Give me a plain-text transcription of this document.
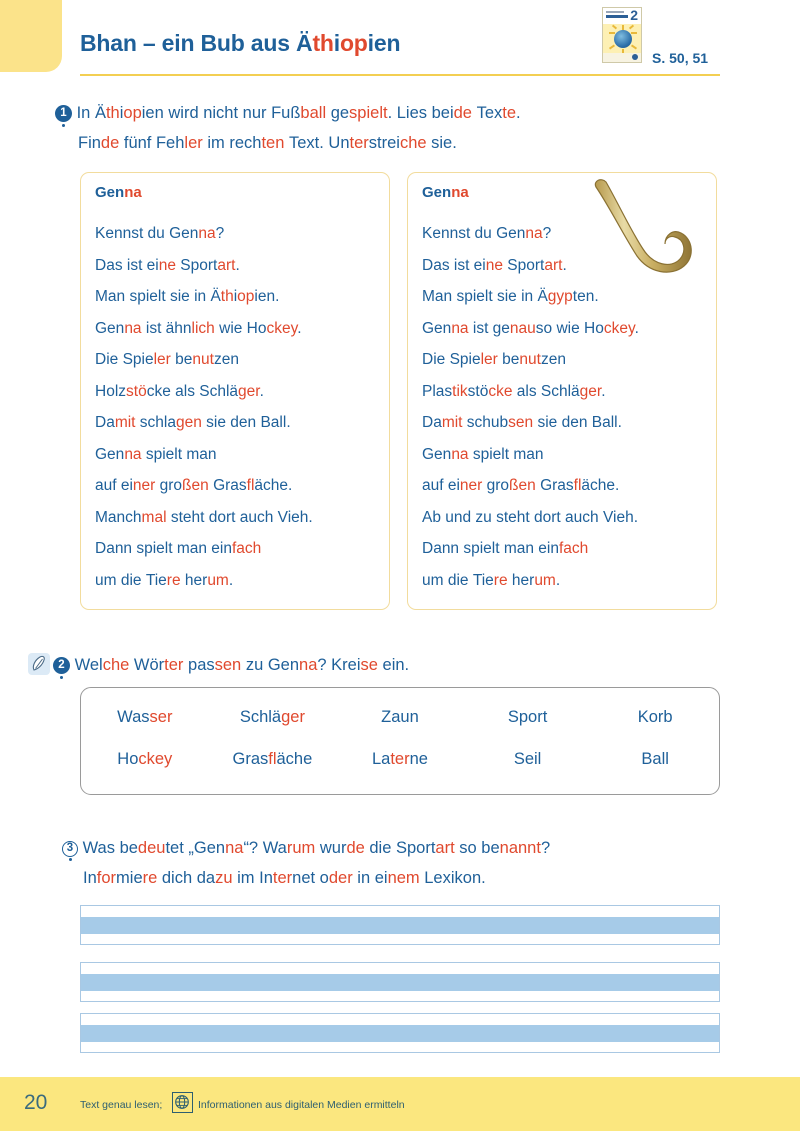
Bhan – ein Bub aus Äthiopien
2
S. 50, 51
1 In Äthiopien wird nicht nur Fußball gespielt. Lies beide Texte.
Finde fünf Fehler im rechten Text. Unterstreiche sie.
Genna
Kennst du Genna?
Das ist eine Sportart.
Man spielt sie in Äthiopien.
Genna ist ähnlich wie Hockey.
Die Spieler benutzen
Holzstöcke als Schläger.
Damit schlagen sie den Ball.
Genna spielt man
auf einer großen Grasfläche.
Manchmal steht dort auch Vieh.
Dann spielt man einfach
um die Tiere herum.
Genna
Kennst du Genna?
Das ist eine Sportart.
Man spielt sie in Ägypten.
Genna ist genauso wie Hockey.
Die Spieler benutzen
Plastikstöcke als Schläger.
Damit schubsen sie den Ball.
Genna spielt man
auf einer großen Grasfläche.
Ab und zu steht dort auch Vieh.
Dann spielt man einfach
um die Tiere herum.
2 Welche Wörter passen zu Genna? Kreise ein.
Wasser	Schläger	Zaun	Sport	Korb
Hockey	Grasfläche	Laterne	Seil	Ball
3 Was bedeutet „Genna“? Warum wurde die Sportart so benannt?
Informiere dich dazu im Internet oder in einem Lexikon.
20	Text genau lesen;	Informationen aus digitalen Medien ermitteln
